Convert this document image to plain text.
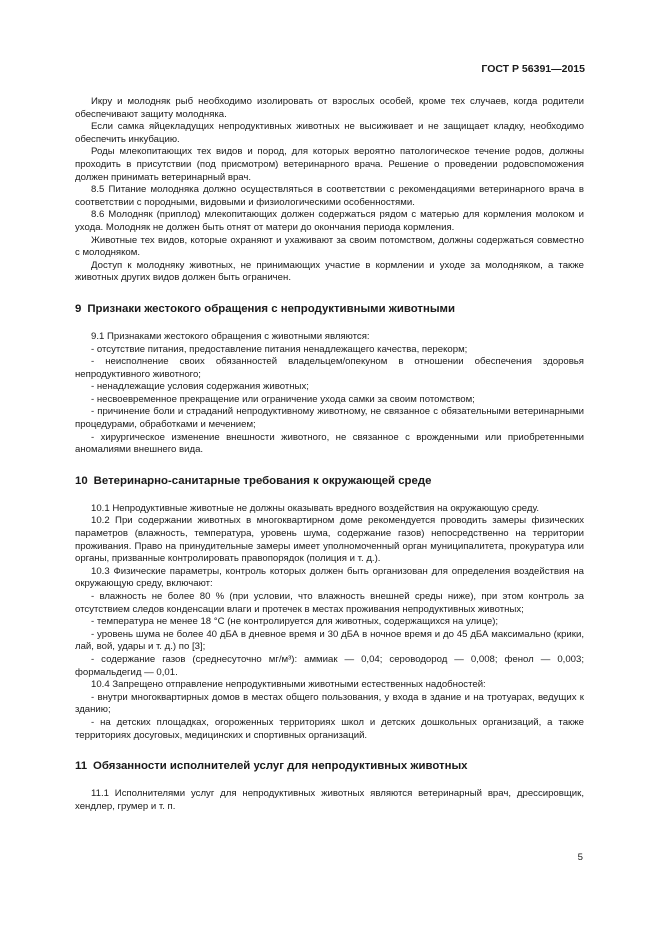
ГОСТ Р 56391—2015

Икру и молодняк рыб необходимо изолировать от взрослых особей, кроме тех случаев, когда родители обеспечивают защиту молодняка.

Если самка яйцекладущих непродуктивных животных не высиживает и не защищает кладку, необходимо обеспечить инкубацию.

Роды млекопитающих тех видов и пород, для которых вероятно патологическое течение родов, должны проходить в присутствии (под присмотром) ветеринарного врача. Решение о проведении родовспоможения должен принимать ветеринарный врач.

8.5 Питание молодняка должно осуществляться в соответствии с рекомендациями ветеринарного врача в соответствии с породными, видовыми и физиологическими особенностями.

8.6 Молодняк (приплод) млекопитающих должен содержаться рядом с матерью для кормления молоком и ухода. Молодняк не должен быть отнят от матери до окончания периода кормления.

Животные тех видов, которые охраняют и ухаживают за своим потомством, должны содержаться совместно с молодняком.

Доступ к молодняку животных, не принимающих участие в кормлении и уходе за молодняком, а также животных других видов должен быть ограничен.

9 Признаки жестокого обращения с непродуктивными животными

9.1 Признаками жестокого обращения с животными являются:

- отсутствие питания, предоставление питания ненадлежащего качества, перекорм;

- неисполнение своих обязанностей владельцем/опекуном в отношении обеспечения здоровья непродуктивного животного;

- ненадлежащие условия содержания животных;

- несвоевременное прекращение или ограничение ухода самки за своим потомством;

- причинение боли и страданий непродуктивному животному, не связанное с обязательными ветеринарными процедурами, обработками и мечением;

- хирургическое изменение внешности животного, не связанное с врожденными или приобретенными аномалиями внешнего вида.

10 Ветеринарно-санитарные требования к окружающей среде

10.1 Непродуктивные животные не должны оказывать вредного воздействия на окружающую среду.

10.2 При содержании животных в многоквартирном доме рекомендуется проводить замеры физических параметров (влажность, температура, уровень шума, содержание газов) непосредственно на территории проживания. Право на принудительные замеры имеет уполномоченный орган муниципалитета, прокуратура или органы, призванные контролировать правопорядок (полиция и т. д.).

10.3 Физические параметры, контроль которых должен быть организован для определения воздействия на окружающую среду, включают:

- влажность не более 80 % (при условии, что влажность внешней среды ниже), при этом контроль за отсутствием следов конденсации влаги и протечек в местах проживания непродуктивных животных;

- температура не менее 18 °С (не контролируется для животных, содержащихся на улице);

- уровень шума не более 40 дБА в дневное время и 30 дБА в ночное время и до 45 дБА максимально (крики, лай, вой, удары и т. д.) по [3];

- содержание газов (среднесуточно мг/м³): аммиак — 0,04; сероводород — 0,008; фенол — 0,003; формальдегид — 0,01.

10.4 Запрещено отправление непродуктивными животными естественных надобностей:

- внутри многоквартирных домов в местах общего пользования, у входа в здание и на тротуарах, ведущих к зданию;

- на детских площадках, огороженных территориях школ и детских дошкольных организаций, а также территориях досуговых, медицинских и спортивных организаций.

11 Обязанности исполнителей услуг для непродуктивных животных

11.1 Исполнителями услуг для непродуктивных животных являются ветеринарный врач, дрессировщик, хендлер, грумер и т. п.

5
